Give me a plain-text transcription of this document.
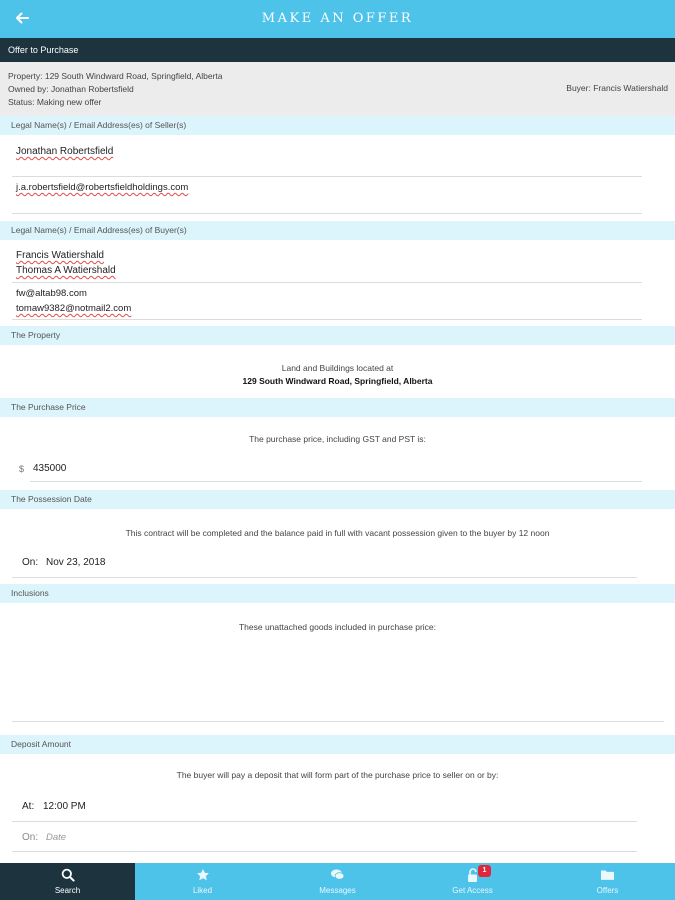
MAKE AN OFFER
Offer to Purchase
Property: 129 South Windward Road, Springfield, Alberta
Owned by: Jonathan Robertsfield
Status: Making new offer
Buyer: Francis Watiershald
Legal Name(s) / Email Address(es) of Seller(s)
Jonathan Robertsfield
j.a.robertsfield@robertsfieldholdings.com
Legal Name(s) / Email Address(es) of Buyer(s)
Francis Watiershald
Thomas A Watiershald
fw@altab98.com
tomaw9382@notmail2.com
The Property
Land and Buildings located at
129 South Windward Road, Springfield, Alberta
The Purchase Price
The purchase price, including GST and PST is:
$ 435000
The Possession Date
This contract will be completed and the balance paid in full with vacant possession given to the buyer by 12 noon
On: Nov 23, 2018
Inclusions
These unattached goods included in purchase price:
Deposit Amount
The buyer will pay a deposit that will form part of the purchase price to seller on or by:
At: 12:00 PM
On: Date
Search	Liked	Messages	Get Access	Offers
1
